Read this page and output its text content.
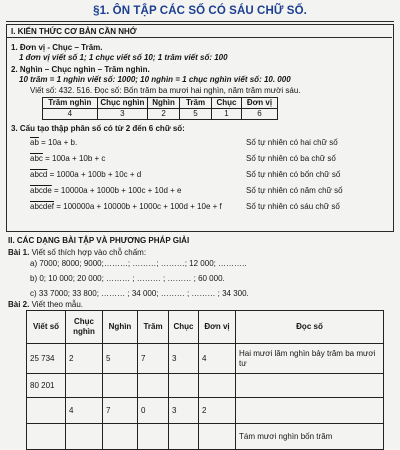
§1. ÔN TẬP CÁC SỐ CÓ SÁU CHỮ SỐ.
I. KIẾN THỨC CƠ BẢN CẦN NHỚ
1. Đơn vị - Chục – Trăm.
1 đơn vị viết số 1; 1 chục viết số 10; 1 trăm viết số: 100
2. Nghìn – Chục nghìn – Trăm nghìn.
10 trăm = 1 nghìn viết số: 1000; 10 nghìn = 1 chục nghìn viết số: 10. 000
Viết số: 432. 516. Đọc số: Bốn trăm ba mươi hai nghìn, năm trăm mười sáu.
Trăm nghìn	Chục nghìn	Nghìn	Trăm	Chục	Đơn vị
4	3	2	5	1	6
3. Cấu tạo thập phân số có từ 2 đến 6 chữ số:
$\overline{ab} = 10a + b$.	Số tự nhiên có hai chữ số
$\overline{abc} = 100a + 10b + c$	Số tự nhiên có ba chữ số
abcd = 1000a + 100b + 10c + d	Số tự nhiên có bốn chữ số
abcde = 10000a + 1000b + 100c + 10d + e	Số tự nhiên có năm chữ số
abcdef = 100000a + 10000b + 1000c + 100d + 10e + f	Số tự nhiên có sáu chữ số
II. CÁC DẠNG BÀI TẬP VÀ PHƯƠNG PHÁP GIẢI
Bài 1. Viết số thích hợp vào chỗ chấm:
a) 7000; 8000; 9000;………; ………; ………; 12 000; ………..
b) 0; 10 000; 20 000; ……… ; ……… ; ……… ; 60 000.
c) 33 7000; 33 800; ……… ; 34 000; ……… ; ……… ; 34 300.
Bài 2. Viết theo mẫu.
Viết số	Chục nghìn	Nghìn	Trăm	Chục	Đơn vị	Đọc số
25 734	2	5	7	3	4	Hai mươi lăm nghìn bảy trăm ba mươi tư
80 201						
	4	7	0	3	2	
						Tám mươi nghìn bốn trăm
